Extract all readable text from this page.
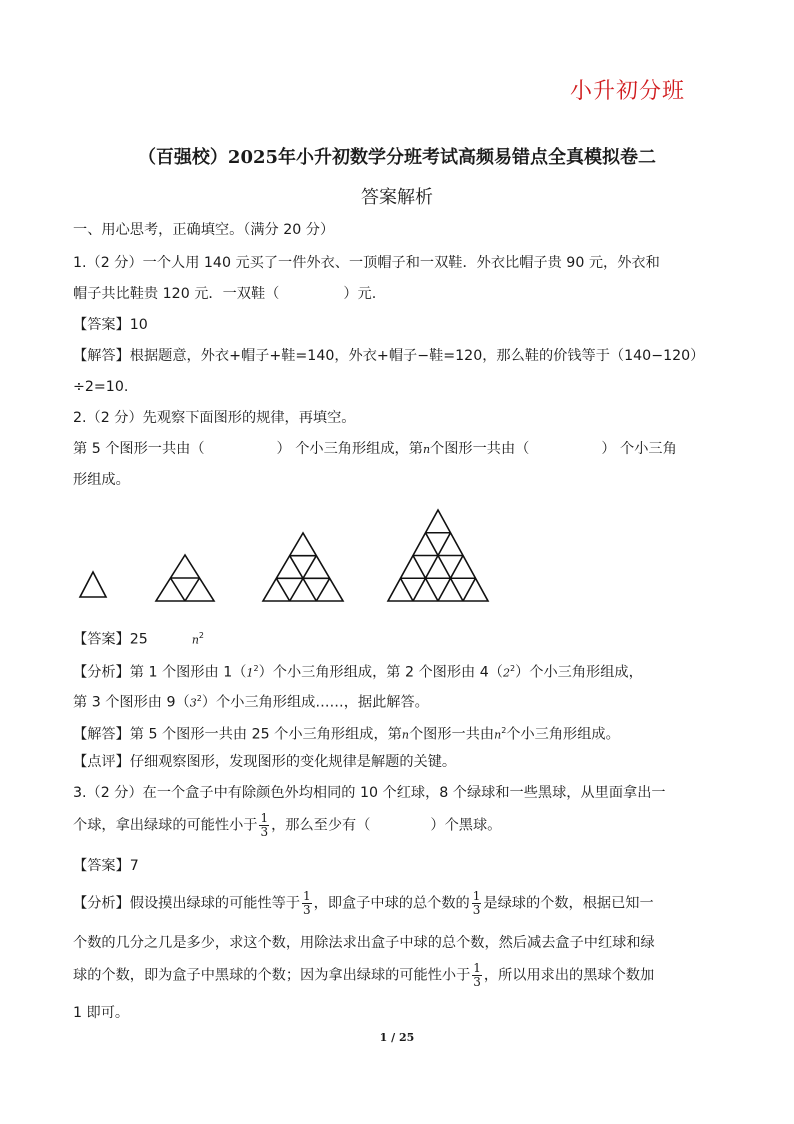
小升初分班
（百强校）2025年小升初数学分班考试高频易错点全真模拟卷二
答案解析
一、用心思考，正确填空。（满分 20 分）
1.（2 分）一个人用 140 元买了一件外衣、一顶帽子和一双鞋．外衣比帽子贵 90 元，外衣和
帽子共比鞋贵 120 元．一双鞋（	）元.
【答案】10
【解答】根据题意，外衣+帽子+鞋=140，外衣+帽子−鞋=120，那么鞋的价钱等于（140−120）
÷2=10.
2.（2 分）先观察下面图形的规律，再填空。
第 5 个图形一共由（	） 个小三角形组成，第n个图形一共由（	） 个小三角
形组成。
【答案】25	$n^2$
【分析】第 1 个图形由 $1(1^2)$个小三角形组成，第 2 个图形由 $4(2^2)$个小三角形组成，
第 3 个图形由 $9(3^2)$个小三角形组成……，据此解答。
【解答】第 5 个图形一共由 25 个小三角形组成，第n个图形一共由$n^2$个小三角形组成。
【点评】仔细观察图形，发现图形的变化规律是解题的关键。
3.（2 分）在一个盒子中有除颜色外均相同的 10 个红球，8 个绿球和一些黑球，从里面拿出一
个球，拿出绿球的可能性小于 $\frac{1}{3}$ ，那么至少有（	）个黑球。
【答案】7
【分析】假设摸出绿球的可能性等于 $\frac{1}{3}$ ，即盒子中球的总个数的 $\frac{1}{3}$ 是绿球的个数，根据已知一
个数的几分之几是多少，求这个数，用除法求出盒子中球的总个数，然后减去盒子中红球和绿
球的个数，即为盒子中黑球的个数；因为拿出绿球的可能性小于 $\frac{1}{3}$ ，所以用求出的黑球个数加
1 即可。
1 / 25
